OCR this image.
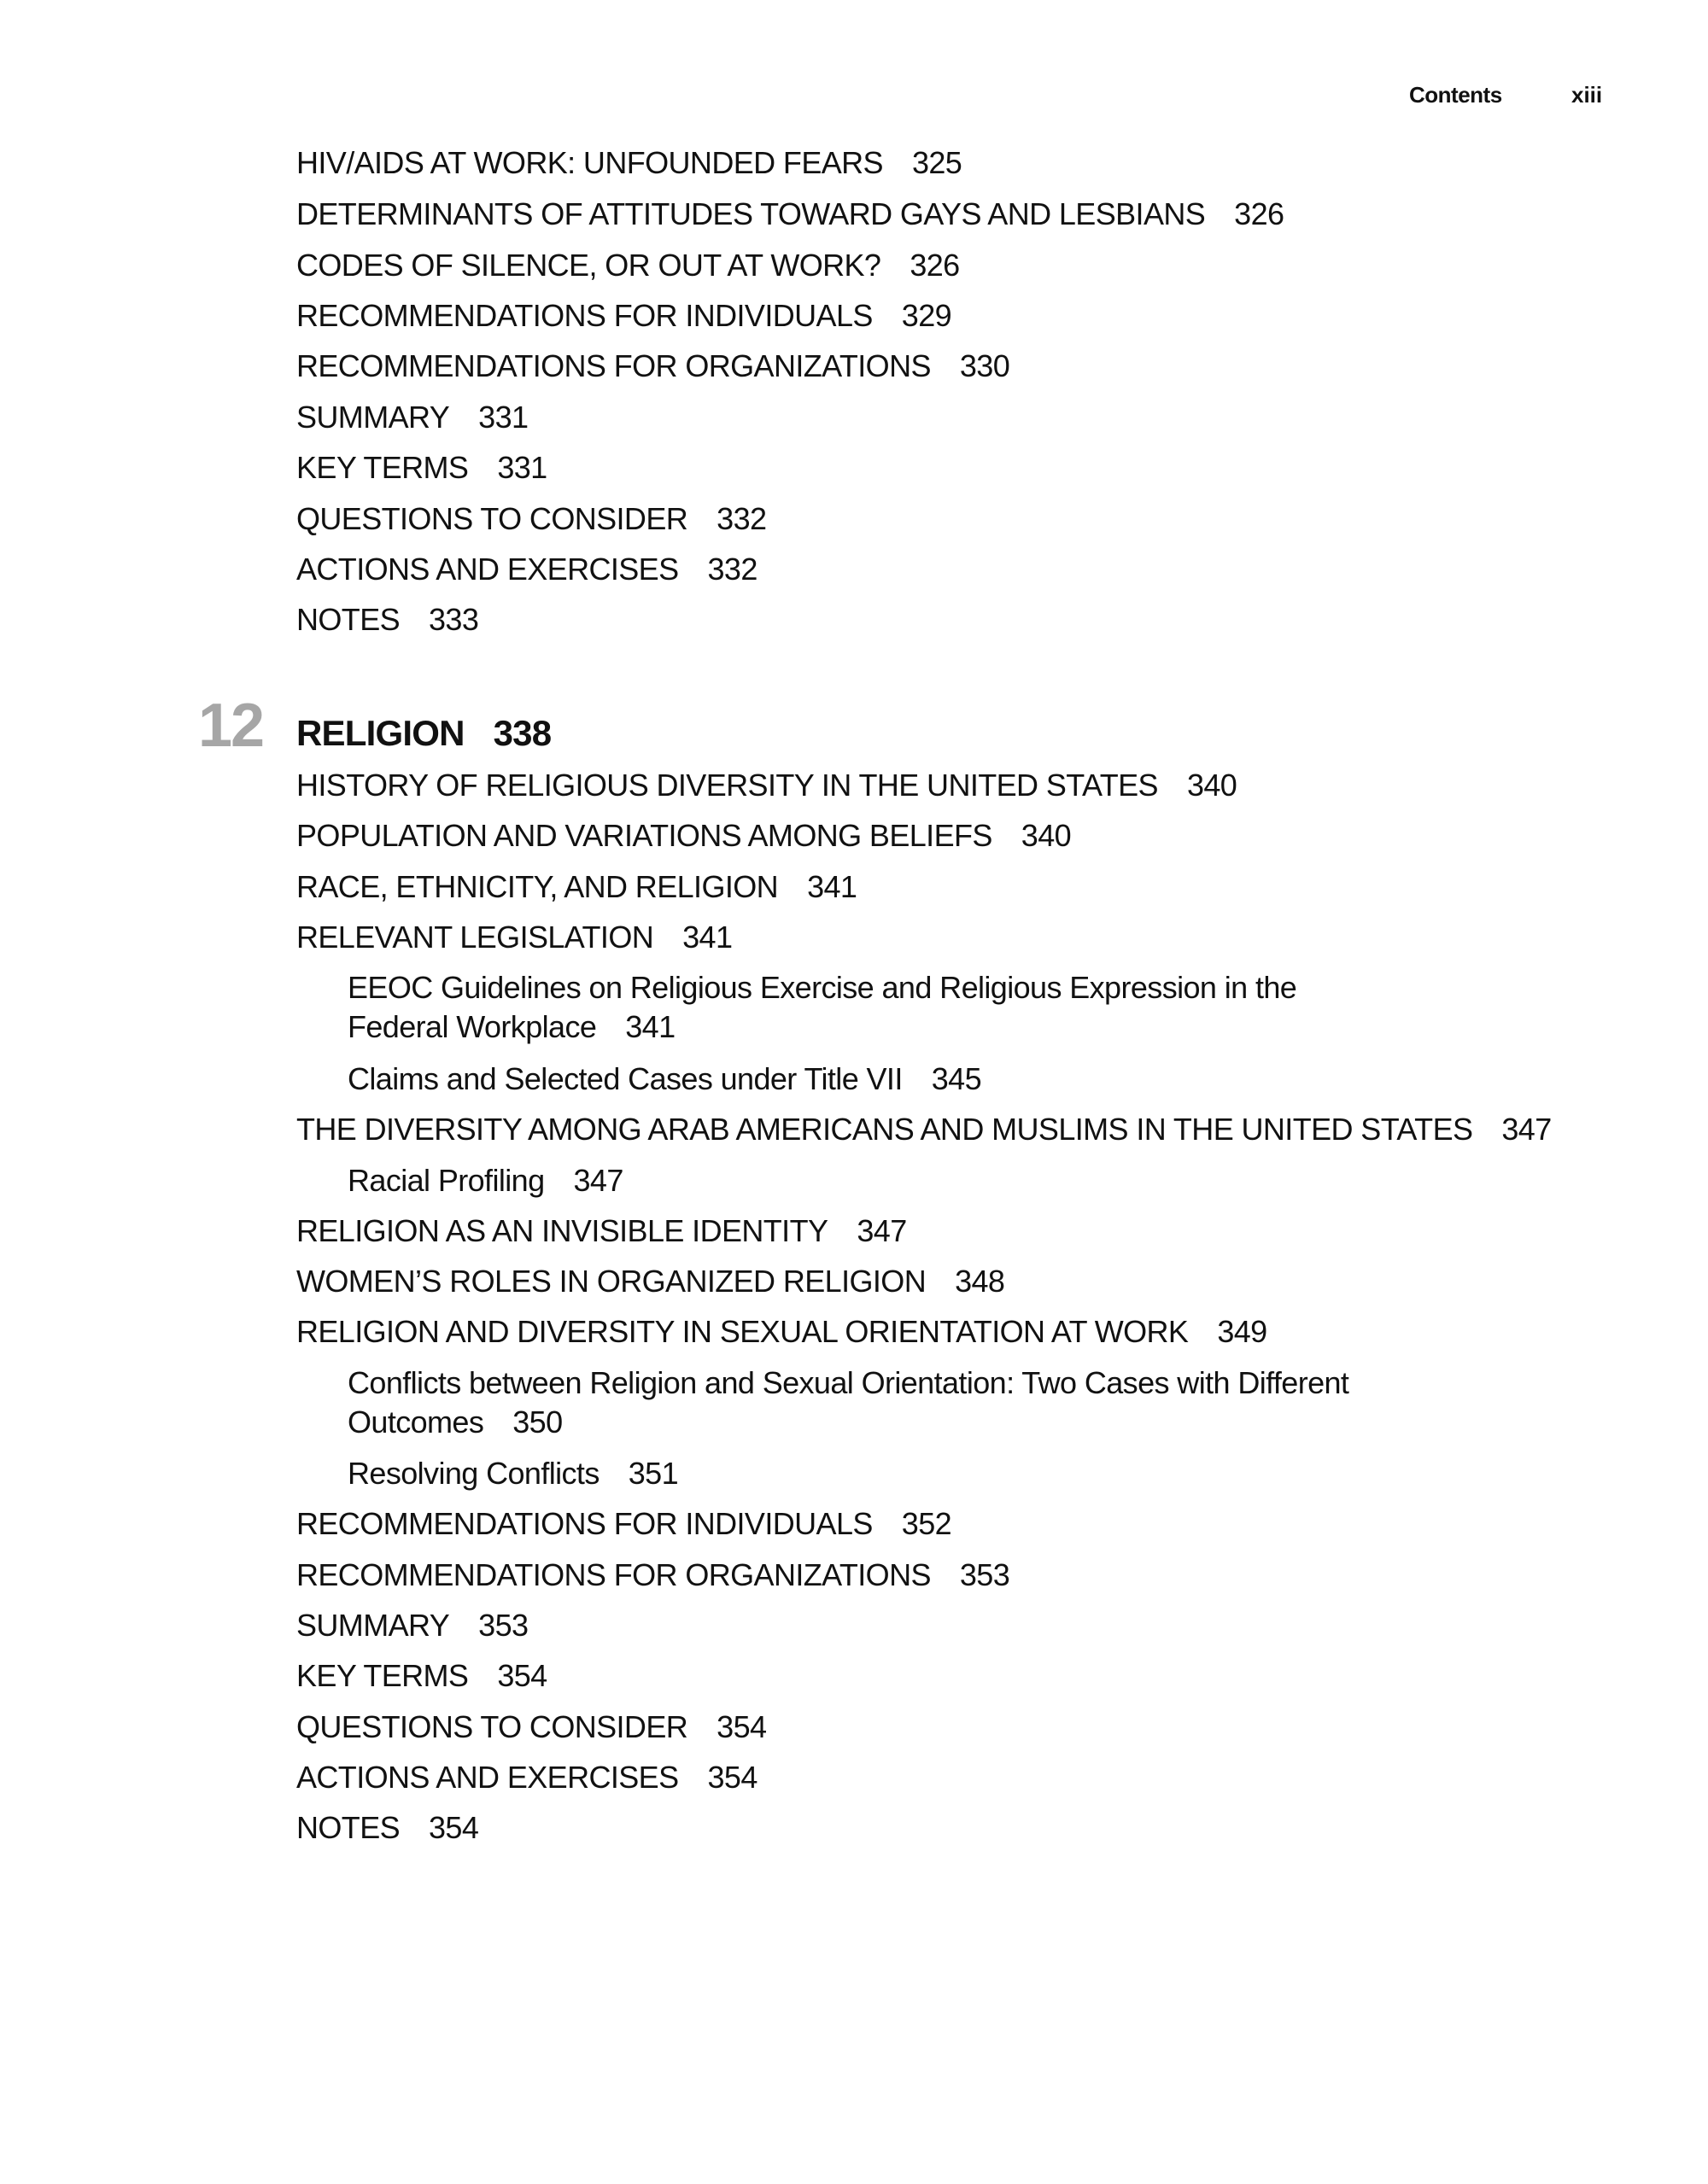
Contents	xiii
HIV/AIDS AT WORK: UNFOUNDED FEARS 325
DETERMINANTS OF ATTITUDES TOWARD GAYS AND LESBIANS 326
CODES OF SILENCE, OR OUT AT WORK? 326
RECOMMENDATIONS FOR INDIVIDUALS 329
RECOMMENDATIONS FOR ORGANIZATIONS 330
SUMMARY 331
KEY TERMS 331
QUESTIONS TO CONSIDER 332
ACTIONS AND EXERCISES 332
NOTES 333
12 RELIGION 338
HISTORY OF RELIGIOUS DIVERSITY IN THE UNITED STATES 340
POPULATION AND VARIATIONS AMONG BELIEFS 340
RACE, ETHNICITY, AND RELIGION 341
RELEVANT LEGISLATION 341
EEOC Guidelines on Religious Exercise and Religious Expression in the Federal Workplace 341
Claims and Selected Cases under Title VII 345
THE DIVERSITY AMONG ARAB AMERICANS AND MUSLIMS IN THE UNITED STATES 347
Racial Profiling 347
RELIGION AS AN INVISIBLE IDENTITY 347
WOMEN’S ROLES IN ORGANIZED RELIGION 348
RELIGION AND DIVERSITY IN SEXUAL ORIENTATION AT WORK 349
Conflicts between Religion and Sexual Orientation: Two Cases with Different Outcomes 350
Resolving Conflicts 351
RECOMMENDATIONS FOR INDIVIDUALS 352
RECOMMENDATIONS FOR ORGANIZATIONS 353
SUMMARY 353
KEY TERMS 354
QUESTIONS TO CONSIDER 354
ACTIONS AND EXERCISES 354
NOTES 354
